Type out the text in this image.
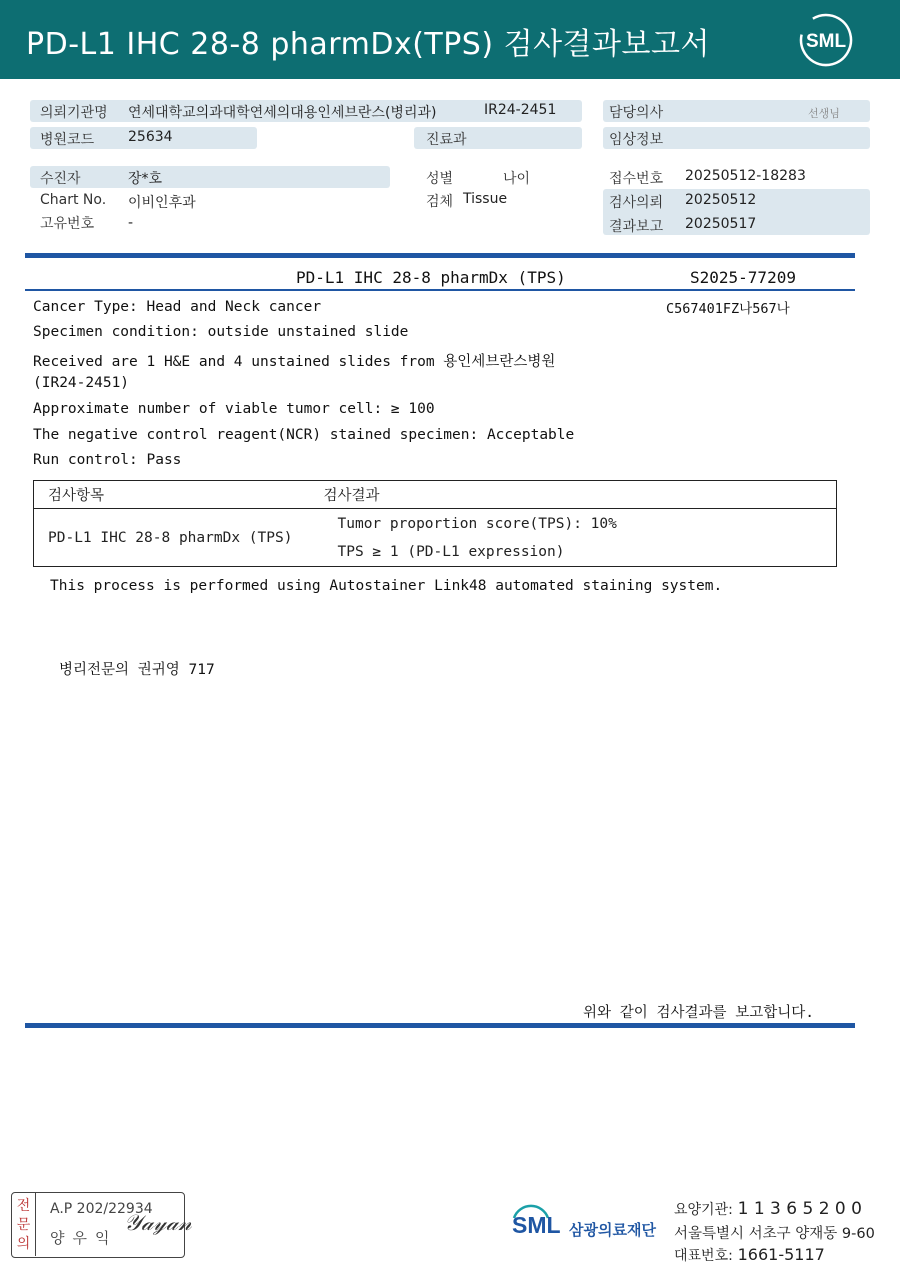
PD-L1 IHC 28-8 pharmDx(TPS) 검사결과보고서	SML
의뢰기관명 연세대학교의과대학연세의대용인세브란스(병리과)	IR24-2451	담당의사	선생님
병원코드 25634	진료과	임상정보
수진자	장*호	성별	나이	접수번호 20250512-18283
Chart No. 이비인후과	검체 Tissue	검사의뢰 20250512
고유번호 -	결과보고 20250517
PD-L1 IHC 28-8 pharmDx (TPS)	S2025-77209
C567401FZ나567나
Cancer Type: Head and Neck cancer
Specimen condition: outside unstained slide
Received are 1 H&E and 4 unstained slides from 용인세브란스병원
(IR24-2451)
Approximate number of viable tumor cell: ≥ 100
The negative control reagent(NCR) stained specimen: Acceptable
Run control: Pass
검사항목	검사결과
PD-L1 IHC 28-8 pharmDx (TPS)	Tumor proportion score(TPS): 10%
TPS ≥ 1 (PD-L1 expression)
This process is performed using Autostainer Link48 automated staining system.
병리전문의 권귀영 717
위와 같이 검사결과를 보고합니다.
전문의
A.P 202/22934
양우익
𝒴𝒶𝓎𝒶𝓃	SML 삼광의료재단
요양기관: 1 1 3 6 5 2 0 0
서울특별시 서초구 양재동 9-60
대표번호: 1661-5117
